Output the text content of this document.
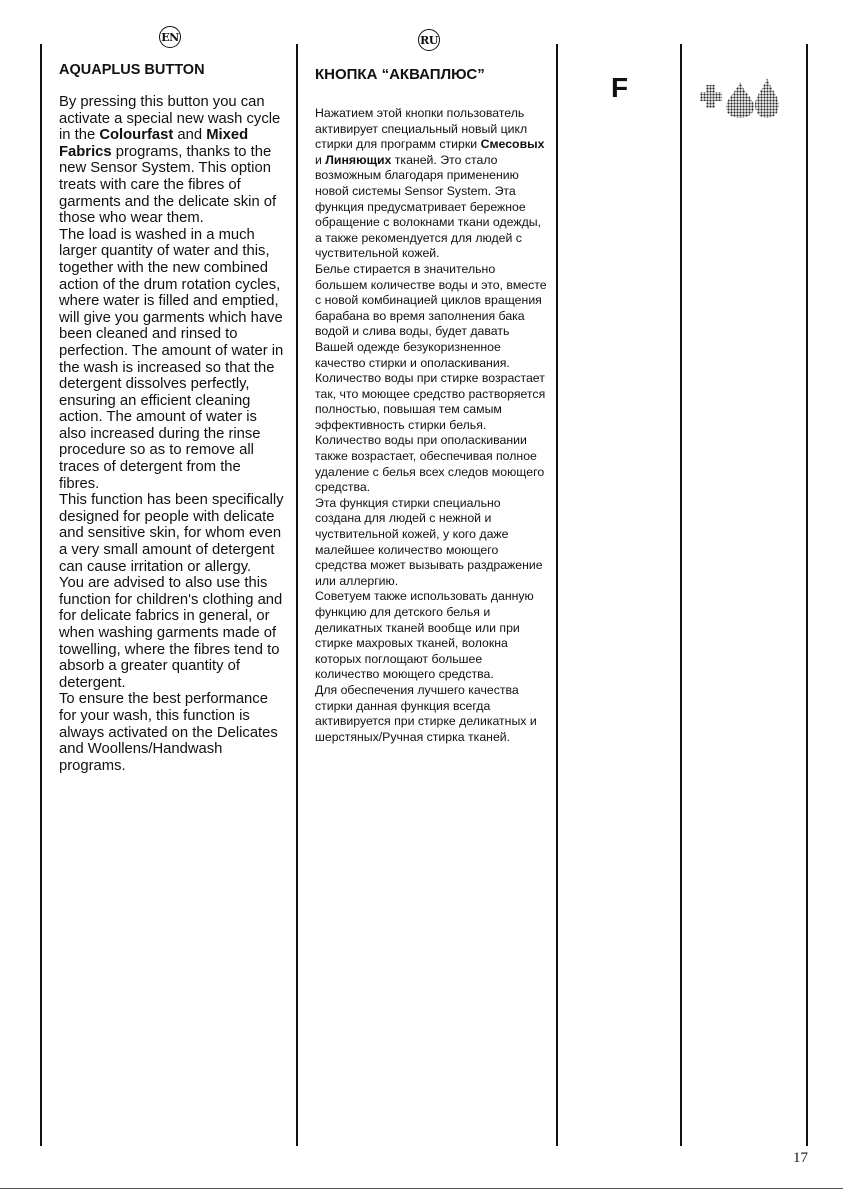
EN	RU
AQUAPLUS BUTTON

By pressing this button you can activate a special new wash cycle in the Colourfast and Mixed Fabrics programs, thanks to the new Sensor System. This option treats with care the fibres of garments and the delicate skin of those who wear them.

The load is washed in a much larger quantity of water and this, together with the new combined action of the drum rotation cycles, where water is filled and emptied, will give you garments which have been cleaned and rinsed to perfection. The amount of water in the wash is increased so that the detergent dissolves perfectly, ensuring an efficient cleaning action. The amount of water is also increased during the rinse procedure so as to remove all traces of detergent from the fibres.

This function has been specifically designed for people with delicate and sensitive skin, for whom even a very small amount of detergent can cause irritation or allergy.

You are advised to also use this function for children's clothing and for delicate fabrics in general, or when washing garments made of towelling, where the fibres tend to absorb a greater quantity of detergent.

To ensure the best performance for your wash, this function is always activated on the Delicates and Woollens/Handwash programs.

КНОПКА “АКВАПЛЮС”

Нажатием этой кнопки пользователь активирует специальный новый цикл стирки для программ стирки Смесовых и Линяющих тканей. Это стало возможным благодаря применению новой системы Sensor System. Эта функция предусматривает бережное обращение с волокнами ткани одежды, а также рекомендуется для людей с чуствительной кожей.

Белье стирается в значительно большем количестве воды и это, вместе с новой комбинацией циклов вращения барабана во время заполнения бака водой и слива воды, будет давать Вашей одежде безукоризненное качество стирки и ополаскивания.

Количество воды при стирке возрастает так, что моющее средство растворяется полностью, повышая тем самым эффективность стирки белья.

Количество воды при ополаскивании также возрастает, обеспечивая полное удаление с белья всех следов моющего средства.

Эта функция стирки специально создана для людей с нежной и чуствительной кожей, у кого даже малейшее количество моющего средства может вызывать раздражение или аллергию.

Советуем также использовать данную функцию для детского белья и деликатных тканей вообще или при стирке махровых тканей, волокна которых поглощают большее количество моющего средства.

Для обеспечения лучшего качества стирки данная функция всегда активируется при стирке деликатных и шерстяных/Ручная стирка тканей.

F
17
